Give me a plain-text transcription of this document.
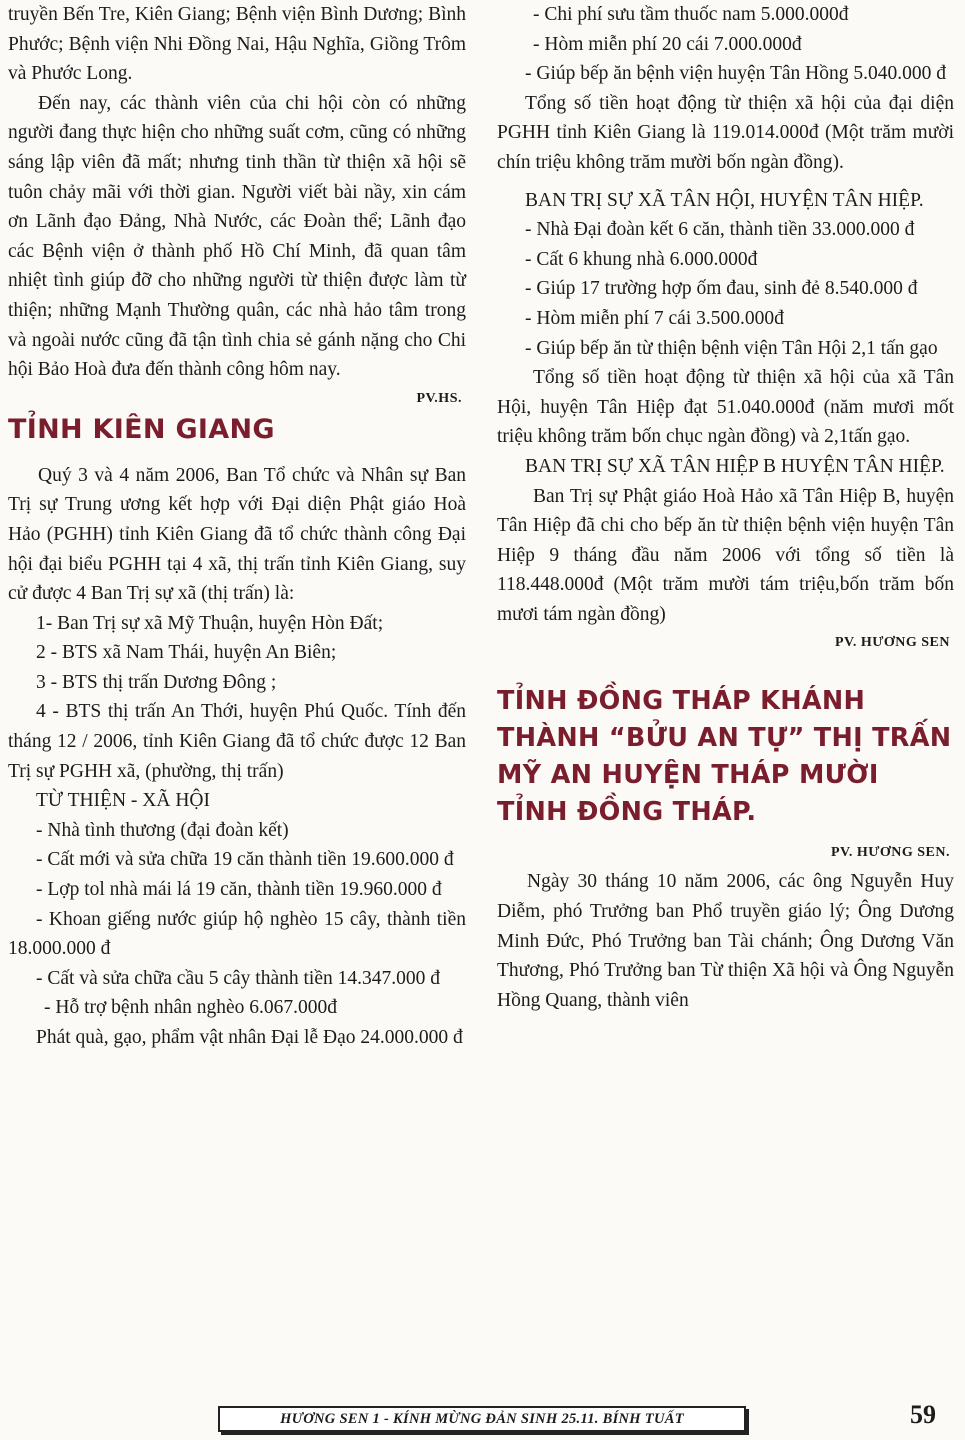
truyền Bến Tre, Kiên Giang; Bệnh viện Bình Dương; Bình Phước; Bệnh viện Nhi Đồng Nai, Hậu Nghĩa, Giồng Trôm và Phước Long.

Đến nay, các thành viên của chi hội còn có những người đang thực hiện cho những suất cơm, cũng có những sáng lập viên đã mất; nhưng tinh thần từ thiện xã hội sẽ tuôn chảy mãi với thời gian. Người viết bài nầy, xin cám ơn Lãnh đạo Đảng, Nhà Nước, các Đoàn thể; Lãnh đạo các Bệnh viện ở thành phố Hồ Chí Minh, đã quan tâm nhiệt tình giúp đỡ cho những người từ thiện được làm từ thiện; những Mạnh Thường quân, các nhà hảo tâm trong và ngoài nước cũng đã tận tình chia sẻ gánh nặng cho Chi hội Bảo Hoà đưa đến thành công hôm nay.

PV.HS.
TỈNH KIÊN GIANG

Quý 3 và 4 năm 2006, Ban Tổ chức và Nhân sự Ban Trị sự Trung ương kết hợp với Đại diện Phật giáo Hoà Hảo (PGHH) tỉnh Kiên Giang đã tổ chức thành công Đại hội đại biểu PGHH tại 4 xã, thị trấn tỉnh Kiên Giang, suy cử được 4 Ban Trị sự xã (thị trấn) là:

1- Ban Trị sự xã Mỹ Thuận, huyện Hòn Đất;

2 - BTS xã Nam Thái, huyện An Biên;

3 - BTS thị trấn Dương Đông ;

4 - BTS thị trấn An Thới, huyện Phú Quốc. Tính đến tháng 12 / 2006, tỉnh Kiên Giang đã tổ chức được 12 Ban Trị sự PGHH xã, (phường, thị trấn)

TỪ THIỆN - XÃ HỘI

- Nhà tình thương (đại đoàn kết)

- Cất mới và sửa chữa 19 căn thành tiền 19.600.000 đ

- Lợp tol nhà mái lá 19 căn, thành tiền 19.960.000 đ

- Khoan giếng nước giúp hộ nghèo 15 cây, thành tiền 18.000.000 đ

- Cất và sửa chữa cầu 5 cây thành tiền 14.347.000 đ

- Hỗ trợ bệnh nhân nghèo 6.067.000đ

Phát quà, gạo, phẩm vật nhân Đại lễ Đạo 24.000.000 đ

- Chi phí sưu tầm thuốc nam 5.000.000đ

- Hòm miễn phí 20 cái 7.000.000đ

- Giúp bếp ăn bệnh viện huyện Tân Hồng 5.040.000 đ

Tổng số tiền hoạt động từ thiện xã hội của đại diện PGHH tỉnh Kiên Giang là 119.014.000đ (Một trăm mười chín triệu không trăm mười bốn ngàn đồng).

BAN TRỊ SỰ XÃ TÂN HỘI, HUYỆN TÂN HIỆP.

- Nhà Đại đoàn kết 6 căn, thành tiền 33.000.000 đ

- Cất 6 khung nhà 6.000.000đ

- Giúp 17 trường hợp ốm đau, sinh đẻ 8.540.000 đ

- Hòm miễn phí 7 cái 3.500.000đ

- Giúp bếp ăn từ thiện bệnh viện Tân Hội 2,1 tấn gạo

Tổng số tiền hoạt động từ thiện xã hội của xã Tân Hội, huyện Tân Hiệp đạt 51.040.000đ (năm mươi mốt triệu không trăm bốn chục ngàn đồng) và 2,1tấn gạo.

BAN TRỊ SỰ XÃ TÂN HIỆP B HUYỆN TÂN HIỆP.

Ban Trị sự Phật giáo Hoà Hảo xã Tân Hiệp B, huyện Tân Hiệp đã chi cho bếp ăn từ thiện bệnh viện huyện Tân Hiệp 9 tháng đầu năm 2006 với tổng số tiền là 118.448.000đ (Một trăm mười tám triệu,bốn trăm bốn mươi tám ngàn đồng)

PV. HƯƠNG SEN
TỈNH ĐỒNG THÁP KHÁNH THÀNH “BỬU AN TỰ” THỊ TRẤN MỸ AN HUYỆN THÁP MƯỜI TỈNH ĐỒNG THÁP.
PV. HƯƠNG SEN.

Ngày 30 tháng 10 năm 2006, các ông Nguyễn Huy Diễm, phó Trưởng ban Phổ truyền giáo lý; Ông Dương Minh Đức, Phó Trưởng ban Tài chánh; Ông Dương Văn Thương, Phó Trưởng ban Từ thiện Xã hội và Ông Nguyễn Hồng Quang, thành viên

HƯƠNG SEN 1 - KÍNH MỪNG ĐẢN SINH 25.11. BÍNH TUẤT	59
